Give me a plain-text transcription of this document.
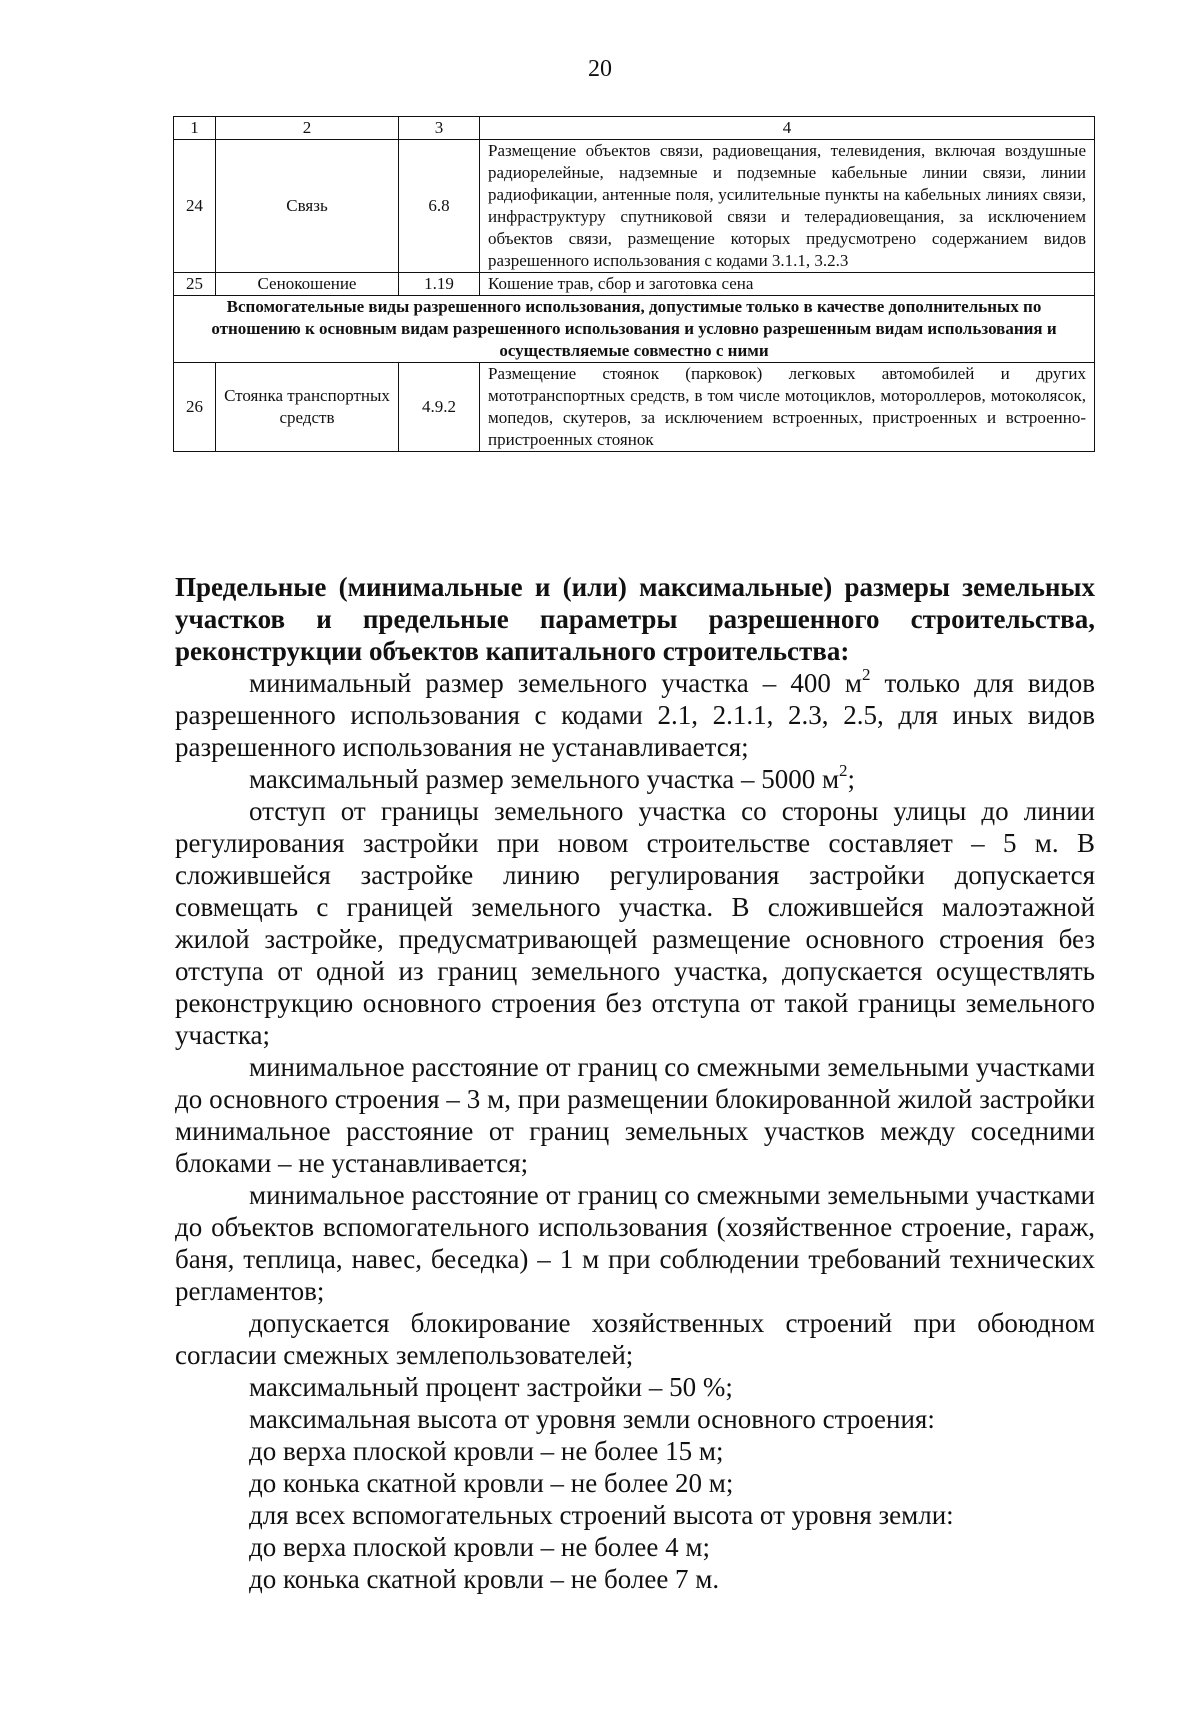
20
1	2	3	4
24	Связь	6.8	Размещение объектов связи, радиовещания, телевидения, включая воздушные радиорелейные, надземные и подземные кабельные линии связи, линии радиофикации, антенные поля, усилительные пункты на кабельных линиях связи, инфраструктуру спутниковой связи и телерадиовещания, за исключением объектов связи, размещение которых предусмотрено содержанием видов разрешенного использования с кодами 3.1.1, 3.2.3
25	Сенокошение	1.19	Кошение трав, сбор и заготовка сена
Вспомогательные виды разрешенного использования, допустимые только в качестве дополнительных по отношению к основным видам разрешенного использования и условно разрешенным видам использования и осуществляемые совместно с ними			
26	Стоянка транспортных средств	4.9.2	Размещение стоянок (парковок) легковых автомобилей и других мототранспортных средств, в том числе мотоциклов, мотороллеров, мотоколясок, мопедов, скутеров, за исключением встроенных, пристроенных и встроенно-пристроенных стоянок

Предельные (минимальные и (или) максимальные) размеры земельных участков и предельные параметры разрешенного строительства, реконструкции объектов капитального строительства:

минимальный размер земельного участка – 400 $м^2$ только для видов разрешенного использования с кодами 2.1, 2.1.1, 2.3, 2.5, для иных видов разрешенного использования не устанавливается;

максимальный размер земельного участка – 5000 $м^2$;

отступ от границы земельного участка со стороны улицы до линии регулирования застройки при новом строительстве составляет – 5 м. В сложившейся застройке линию регулирования застройки допускается совмещать с границей земельного участка. В сложившейся малоэтажной жилой застройке, предусматривающей размещение основного строения без отступа от одной из границ земельного участка, допускается осуществлять реконструкцию основного строения без отступа от такой границы земельного участка;

минимальное расстояние от границ со смежными земельными участками до основного строения – 3 м, при размещении блокированной жилой застройки минимальное расстояние от границ земельных участков между соседними блоками – не устанавливается;

минимальное расстояние от границ со смежными земельными участками до объектов вспомогательного использования (хозяйственное строение, гараж, баня, теплица, навес, беседка) – 1 м при соблюдении требований технических регламентов;

допускается блокирование хозяйственных строений при обоюдном согласии смежных землепользователей;

максимальный процент застройки – 50 %;

максимальная высота от уровня земли основного строения:

до верха плоской кровли – не более 15 м;

до конька скатной кровли – не более 20 м;

для всех вспомогательных строений высота от уровня земли:

до верха плоской кровли – не более 4 м;

до конька скатной кровли – не более 7 м.
